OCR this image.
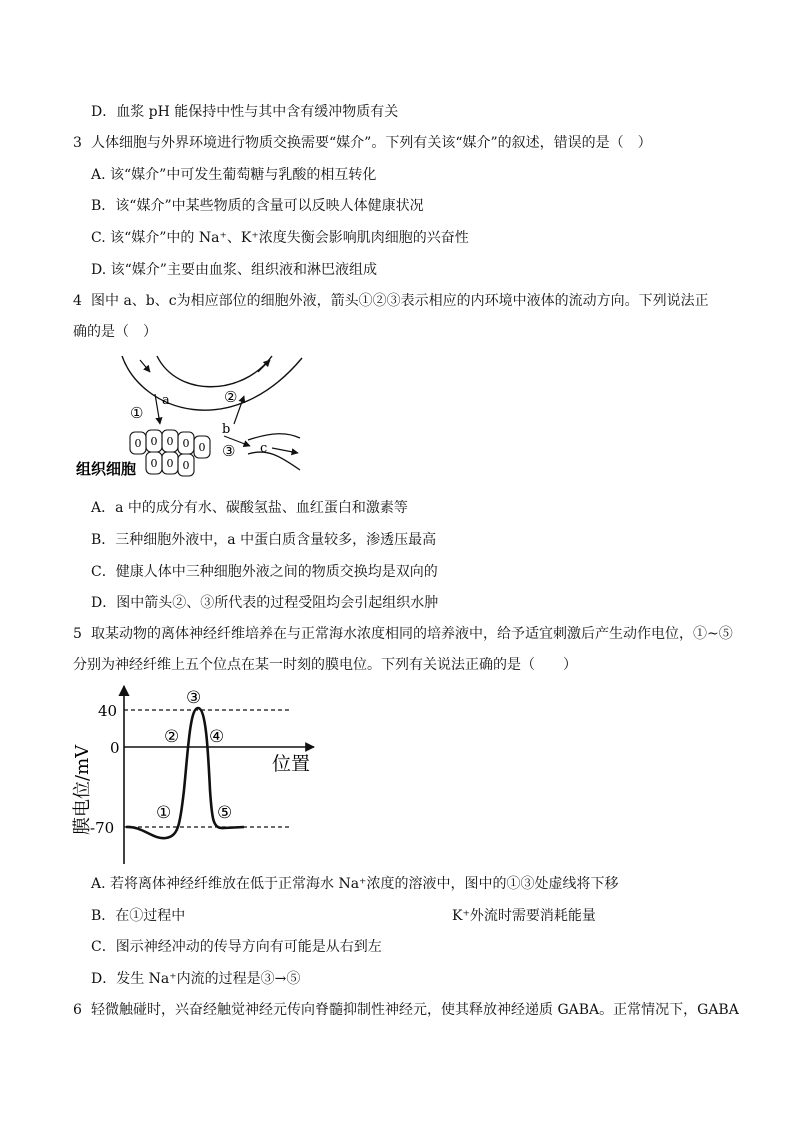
D．血浆 pH 能保持中性与其中含有缓冲物质有关
3 人体细胞与外界环境进行物质交换需要“媒介”。下列有关该“媒介”的叙述，错误的是（　）
A. 该“媒介”中可发生葡萄糖与乳酸的相互转化
B．该“媒介”中某些物质的含量可以反映人体健康状况
C. 该“媒介”中的 Na⁺、K⁺浓度失衡会影响肌肉细胞的兴奋性
D. 该“媒介”主要由血浆、组织液和淋巴液组成
4 图中 a、b、c为相应部位的细胞外液，箭头①②③表示相应的内环境中液体的流动方向。下列说法正
确的是（　）
①
a	②
b
c
③
0 0 0 0 0
0 0 0
组织细胞
A．a 中的成分有水、碳酸氢盐、血红蛋白和激素等
B．三种细胞外液中，a 中蛋白质含量较多，渗透压最高
C．健康人体中三种细胞外液之间的物质交换均是双向的
D．图中箭头②、③所代表的过程受阻均会引起组织水肿
5 取某动物的离体神经纤维培养在与正常海水浓度相同的培养液中，给予适宜刺激后产生动作电位，①~⑤
分别为神经纤维上五个位点在某一时刻的膜电位。下列有关说法正确的是（　　）
40
0
-70
膜电位/mV	位置
①
②
③
④
⑤
A. 若将离体神经纤维放在低于正常海水 Na⁺浓度的溶液中，图中的①③处虚线将下移
B．在①过程中	K⁺外流时需要消耗能量
C．图示神经冲动的传导方向有可能是从右到左
D．发生 Na⁺内流的过程是③→⑤
6 轻微触碰时，兴奋经触觉神经元传向脊髓抑制性神经元，使其释放神经递质 GABA。正常情况下，GABA
